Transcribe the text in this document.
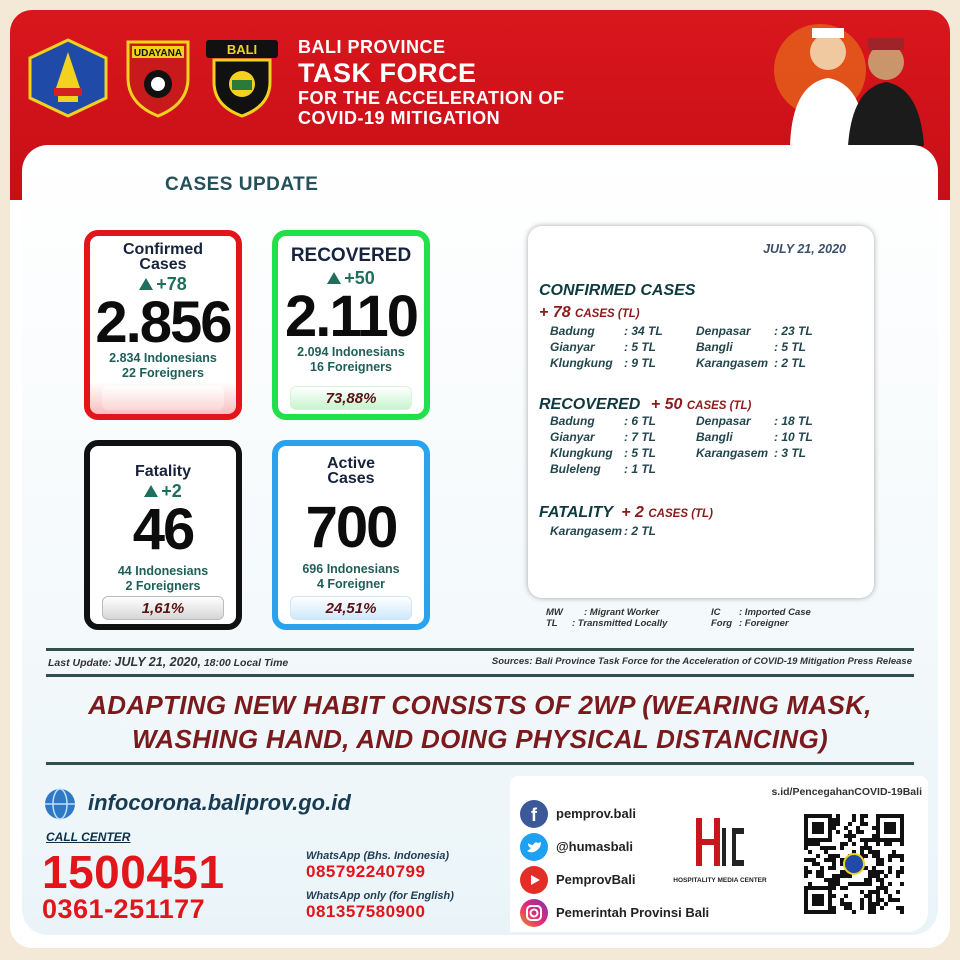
UDAYANA	BALI BALI PROVINCE
TASK FORCE
FOR THE ACCELERATION OF
COVID-19 MITIGATION
CASES UPDATE
Confirmed
Cases
+78
2.856
2.834 Indonesians
22 Foreigners
RECOVERED
+50
2.110
2.094 Indonesians
16 Foreigners
73,88%
Fatality
+2
46
44 Indonesians
2 Foreigners
1,61%
Active
Cases
700
696 Indonesians
4 Foreigner
24,51%
JULY 21, 2020
CONFIRMED CASES
+ 78 CASES (TL)
Badung : 34 TL	Denpasar : 23 TL
Gianyar : 5 TL	Bangli	: 5 TL
Klungkung : 9 TL	Karangasem : 2 TL
RECOVERED + 50 CASES (TL)
Badung : 6 TL	Denpasar : 18 TL
Gianyar : 7 TL	Bangli	: 10 TL
Klungkung : 5 TL	Karangasem : 3 TL
Buleleng : 1 TL
FATALITY + 2 CASES (TL)
Karangasem : 2 TL
MW : Migrant Worker
TL : Transmitted Locally
IC : Imported Case
Forg : Foreigner
Last Update: JULY 21, 2020, 18:00 Local Time	Sources: Bali Province Task Force for the Acceleration of COVID-19 Mitigation Press Release
ADAPTING NEW HABIT CONSISTS OF 2WP (WEARING MASK,
WASHING HAND, AND DOING PHYSICAL DISTANCING)
infocorona.baliprov.go.id
CALL CENTER
1500451
0361-251177
WhatsApp (Bhs. Indonesia)
085792240799
WhatsApp only (for English)
081357580900
f pemprov.bali
@humasbali
PemprovBali
Pemerintah Provinsi Bali
HOSPITALITY MEDIA CENTER
s.id/PencegahanCOVID-19Bali
